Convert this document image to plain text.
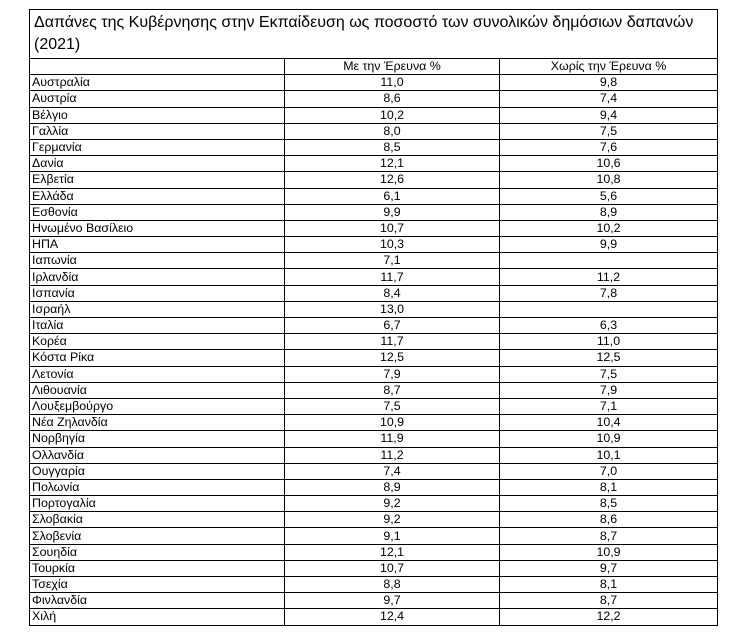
Δαπάνες της Κυβέρνησης στην Εκπαίδευση ως ποσοστό των συνολικών δημόσιων δαπανών (2021)		
	Με την Έρευνα %	Χωρίς την Έρευνα %
Αυστραλία	11,0	9,8
Αυστρία	8,6	7,4
Βέλγιο	10,2	9,4
Γαλλία	8,0	7,5
Γερμανία	8,5	7,6
Δανία	12,1	10,6
Ελβετία	12,6	10,8
Ελλάδα	6,1	5,6
Εσθονία	9,9	8,9
Ηνωμένο Βασίλειο	10,7	10,2
ΗΠΑ	10,3	9,9
Ιαπωνία	7,1	
Ιρλανδία	11,7	11,2
Ισπανία	8,4	7,8
Ισραήλ	13,0	
Ιταλία	6,7	6,3
Κορέα	11,7	11,0
Κόστα Ρίκα	12,5	12,5
Λετονία	7,9	7,5
Λιθουανία	8,7	7,9
Λουξεμβούργο	7,5	7,1
Νέα Ζηλανδία	10,9	10,4
Νορβηγία	11,9	10,9
Ολλανδία	11,2	10,1
Ουγγαρία	7,4	7,0
Πολωνία	8,9	8,1
Πορτογαλία	9,2	8,5
Σλοβακία	9,2	8,6
Σλοβενία	9,1	8,7
Σουηδία	12,1	10,9
Τουρκία	10,7	9,7
Τσεχία	8,8	8,1
Φινλανδία	9,7	8,7
Χιλή	12,4	12,2
